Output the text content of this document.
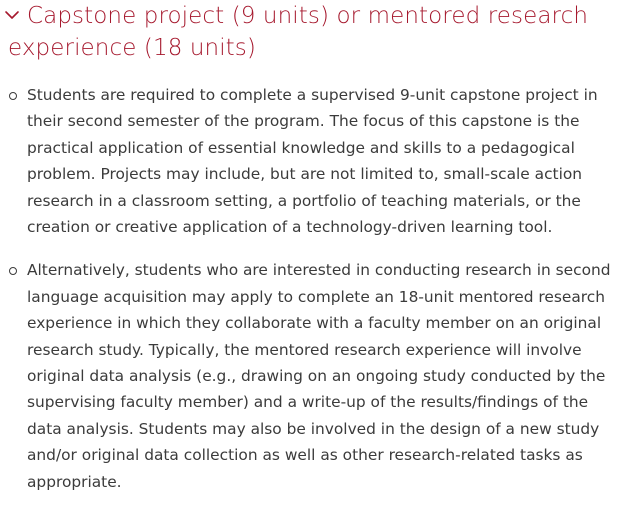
Capstone project (9 units) or mentored research experience (18 units)
Students are required to complete a supervised 9-unit capstone project in their second semester of the program. The focus of this capstone is the practical application of essential knowledge and skills to a pedagogical problem. Projects may include, but are not limited to, small-scale action research in a classroom setting, a portfolio of teaching materials, or the creation or creative application of a technology-driven learning tool.
Alternatively, students who are interested in conducting research in second language acquisition may apply to complete an 18-unit mentored research experience in which they collaborate with a faculty member on an original research study. Typically, the mentored research experience will involve original data analysis (e.g., drawing on an ongoing study conducted by the supervising faculty member) and a write-up of the results/findings of the data analysis. Students may also be involved in the design of a new study and/or original data collection as well as other research-related tasks as appropriate.
